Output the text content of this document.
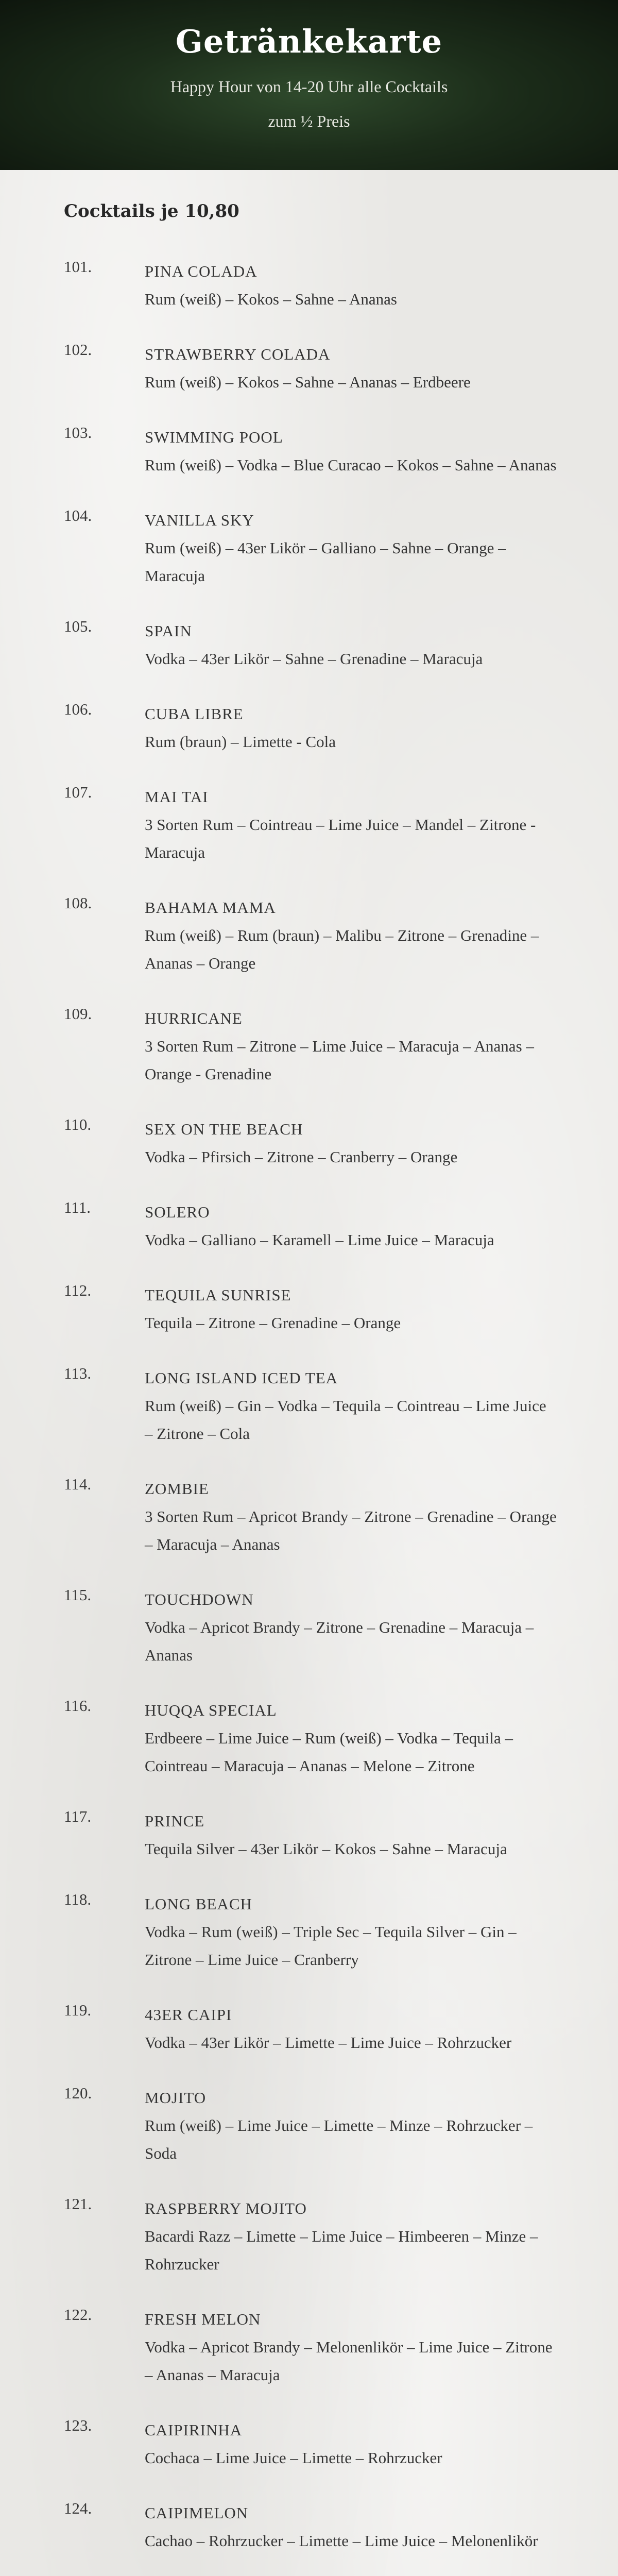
Getränkekarte
Happy Hour von 14-20 Uhr alle Cocktails
zum ½ Preis
Cocktails je 10,80
101.	PINA COLADA
Rum (weiß) – Kokos – Sahne – Ananas
102.	STRAWBERRY COLADA
Rum (weiß) – Kokos – Sahne – Ananas – Erdbeere
103.	SWIMMING POOL
Rum (weiß) – Vodka – Blue Curacao – Kokos – Sahne – Ananas
104.	VANILLA SKY
Rum (weiß) – 43er Likör – Galliano – Sahne – Orange – Maracuja
105.	SPAIN
Vodka – 43er Likör – Sahne – Grenadine – Maracuja
106.	CUBA LIBRE
Rum (braun) – Limette - Cola
107.	MAI TAI
3 Sorten Rum – Cointreau – Lime Juice – Mandel – Zitrone - Maracuja
108.	BAHAMA MAMA
Rum (weiß) – Rum (braun) – Malibu – Zitrone – Grenadine – Ananas – Orange
109.	HURRICANE
3 Sorten Rum – Zitrone – Lime Juice – Maracuja – Ananas – Orange - Grenadine
110.	SEX ON THE BEACH
Vodka – Pfirsich – Zitrone – Cranberry – Orange
111.	SOLERO
Vodka – Galliano – Karamell – Lime Juice – Maracuja
112.	TEQUILA SUNRISE
Tequila – Zitrone – Grenadine – Orange
113.	LONG ISLAND ICED TEA
Rum (weiß) – Gin – Vodka – Tequila – Cointreau – Lime Juice – Zitrone – Cola
114.	ZOMBIE
3 Sorten Rum – Apricot Brandy – Zitrone – Grenadine – Orange – Maracuja – Ananas
115.	TOUCHDOWN
Vodka – Apricot Brandy – Zitrone – Grenadine – Maracuja – Ananas
116.	HUQQA SPECIAL
Erdbeere – Lime Juice – Rum (weiß) – Vodka – Tequila – Cointreau – Maracuja – Ananas – Melone – Zitrone
117.	PRINCE
Tequila Silver – 43er Likör – Kokos – Sahne – Maracuja
118.	LONG BEACH
Vodka – Rum (weiß) – Triple Sec – Tequila Silver – Gin – Zitrone – Lime Juice – Cranberry
119.	43ER CAIPI
Vodka – 43er Likör – Limette – Lime Juice – Rohrzucker
120.	MOJITO
Rum (weiß) – Lime Juice – Limette – Minze – Rohrzucker – Soda
121.	RASPBERRY MOJITO
Bacardi Razz – Limette – Lime Juice – Himbeeren – Minze – Rohrzucker
122.	FRESH MELON
Vodka – Apricot Brandy – Melonenlikör – Lime Juice – Zitrone – Ananas – Maracuja
123.	CAIPIRINHA
Cochaca – Lime Juice – Limette – Rohrzucker
124.	CAIPIMELON
Cachao – Rohrzucker – Limette – Lime Juice – Melonenlikör
